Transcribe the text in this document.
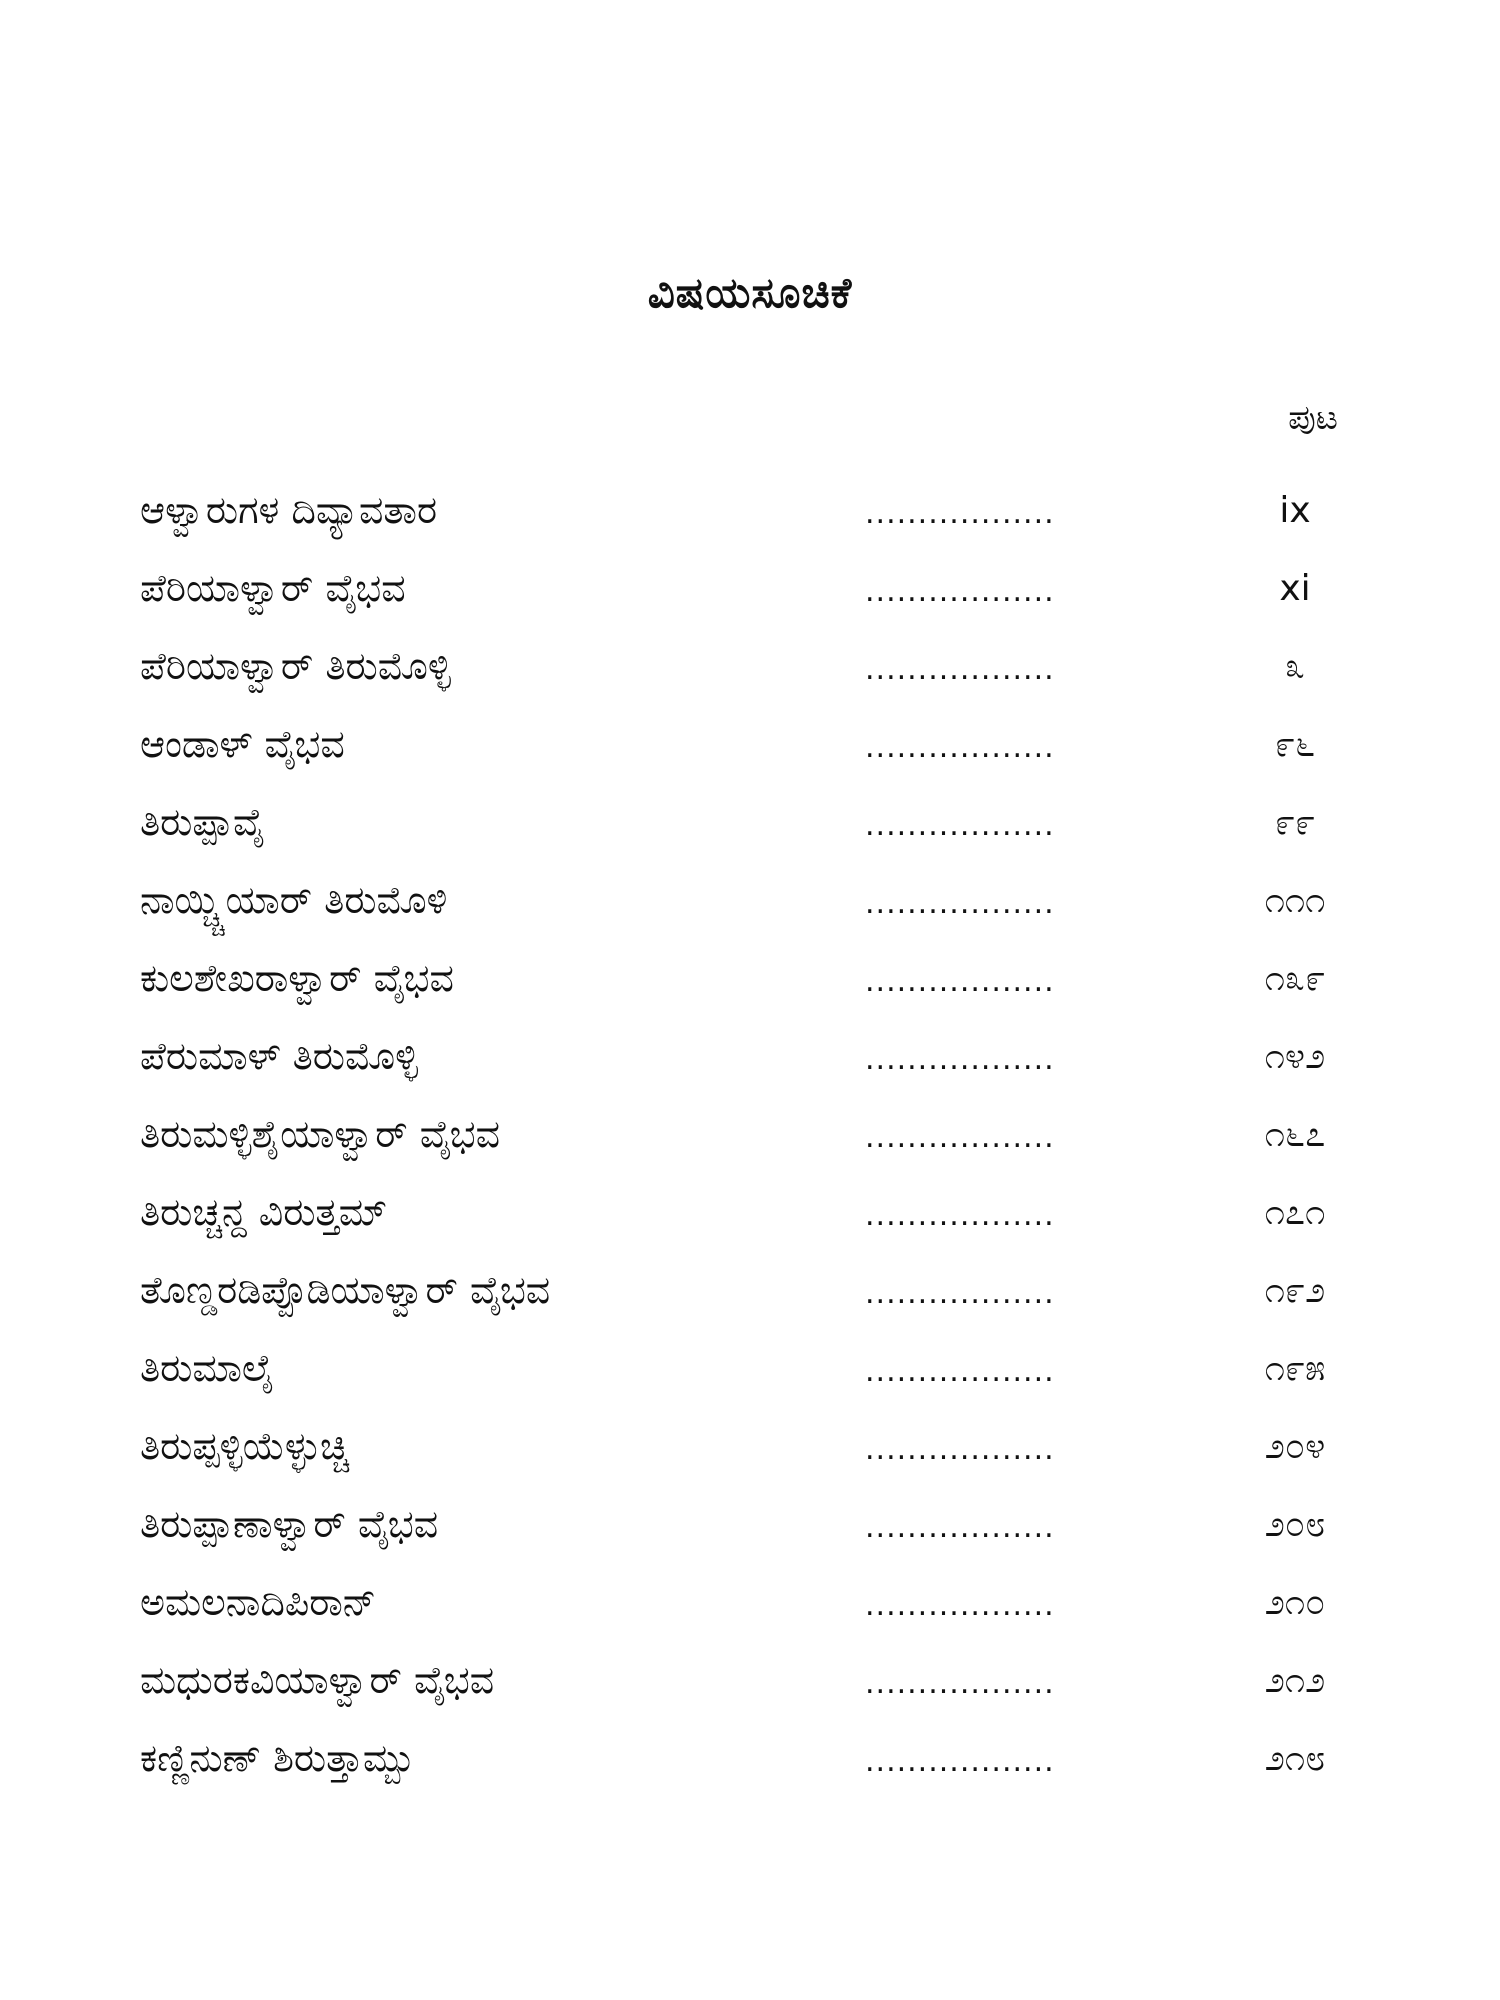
ವಿಷಯಸೂಚಿಕೆ
ಪುಟ
ಆಳ್ವಾರುಗಳ ದಿವ್ಯಾವತಾರ	..................	ix
ಪೆರಿಯಾಳ್ವಾರ್ ವೈಭವ	..................	xi
ಪೆರಿಯಾಳ್ವಾರ್ ತಿರುಮೊಳ್ಳಿ	..................	೩
ಆಂಡಾಳ್ ವೈಭವ	..................	೯೬
ತಿರುಪ್ಪಾವೈ	..................	೯೯
ನಾಯ್ಚ್ಚಿಯಾರ್ ತಿರುಮೊಳಿ	..................	೧೧೧
ಕುಲಶೇಖರಾಳ್ವಾರ್ ವೈಭವ	..................	೧೩೯
ಪೆರುಮಾಳ್ ತಿರುಮೊಳ್ಳಿ	..................	೧೪೨
ತಿರುಮಳ್ಳಿಶೈಯಾಳ್ವಾರ್ ವೈಭವ	..................	೧೬೭
ತಿರುಚ್ಚನ್ದ ವಿರುತ್ತಮ್	..................	೧೭೧
ತೊಣ್ಡರಡಿಪ್ಪೊಡಿಯಾಳ್ವಾರ್ ವೈಭವ	..................	೧೯೨
ತಿರುಮಾಲೈ	..................	೧೯೫
ತಿರುಪ್ಪಳ್ಳಿಯೆಳ್ಳುಚ್ಚಿ	..................	೨೦೪
ತಿರುಪ್ಪಾಣಾಳ್ವಾರ್ ವೈಭವ	..................	೨೦೮
ಅಮಲನಾದಿಪಿರಾನ್	..................	೨೧೦
ಮಧುರಕವಿಯಾಳ್ವಾರ್ ವೈಭವ	..................	೨೧೨
ಕಣ್ಣಿನುಣ್ ಶಿರುತ್ತಾಮ್ಬು	..................	೨೧೮
